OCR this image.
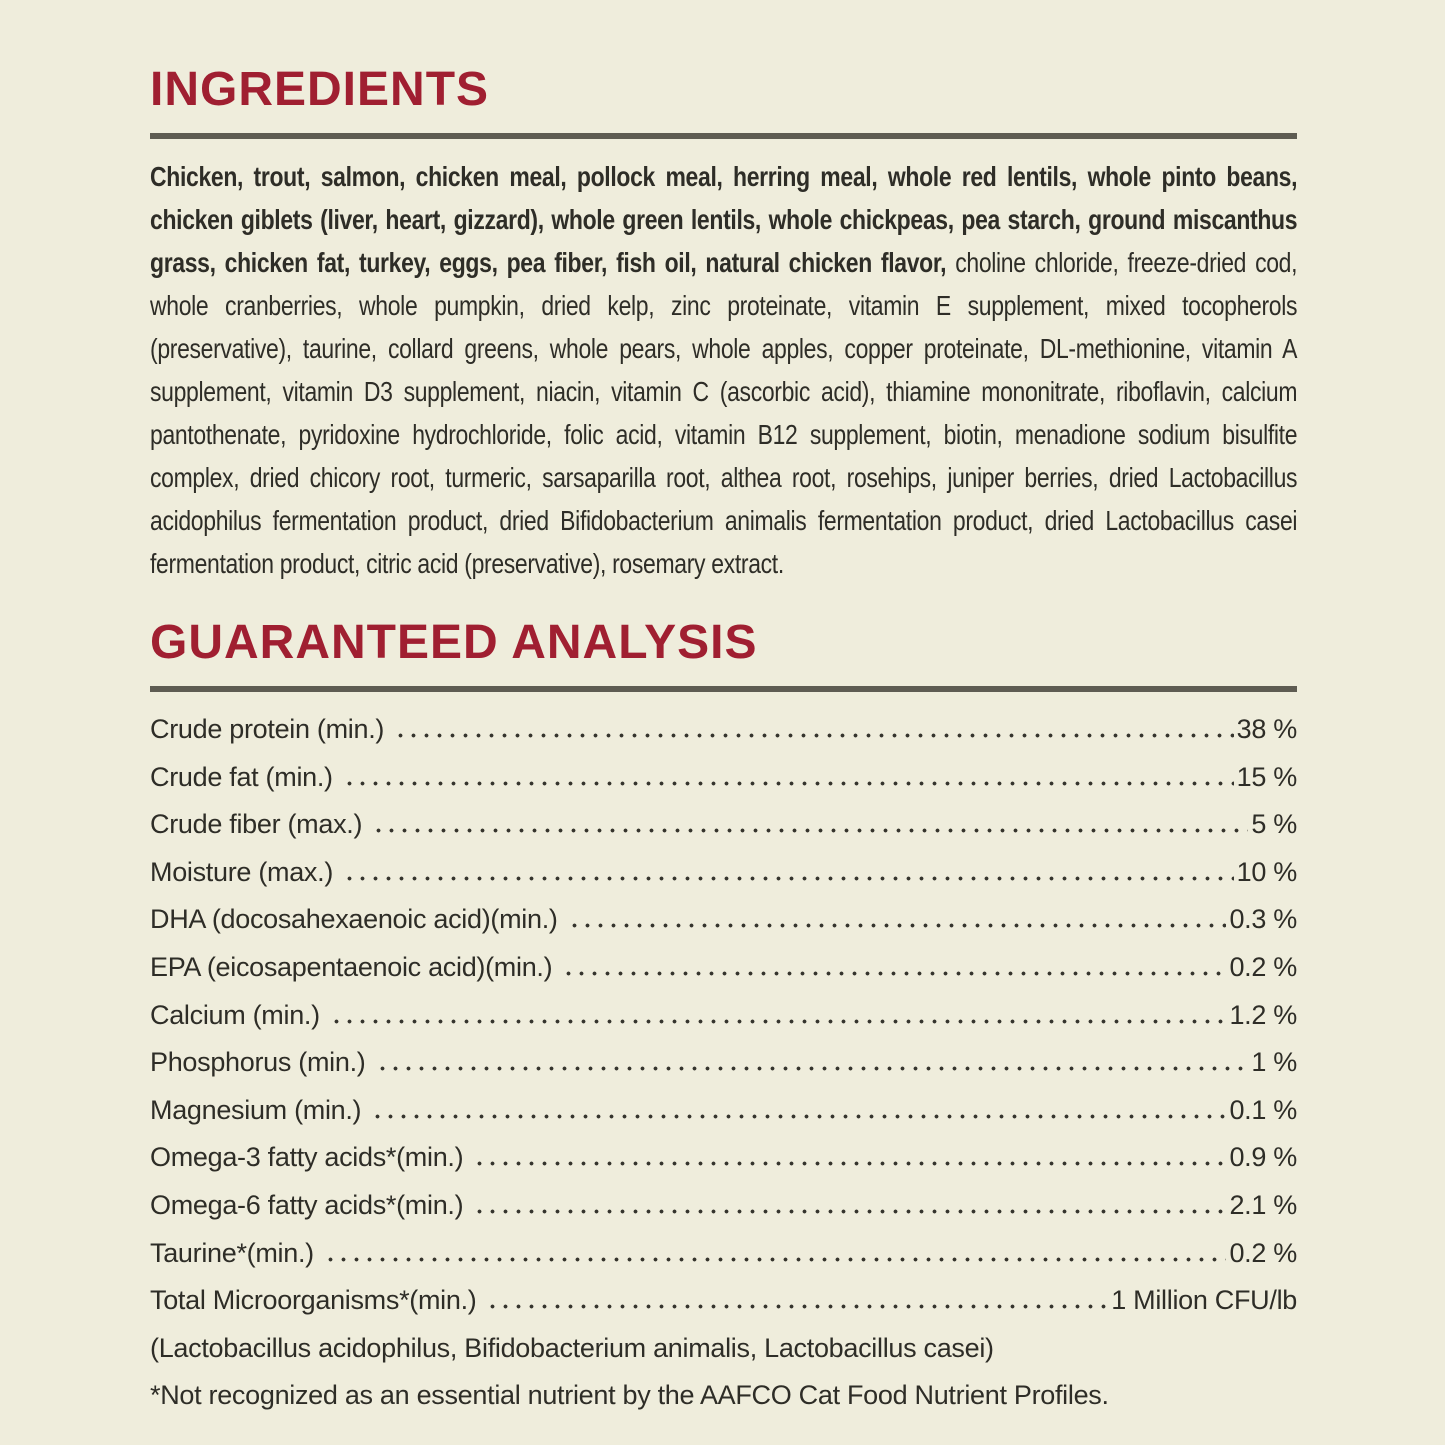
INGREDIENTS

Chicken, trout, salmon, chicken meal, pollock meal, herring meal, whole red lentils, whole pinto beans, chicken giblets (liver, heart, gizzard), whole green lentils, whole chickpeas, pea starch, ground miscanthus grass, chicken fat, turkey, eggs, pea fiber, fish oil, natural chicken flavor, choline chloride, freeze-dried cod, whole cranberries, whole pumpkin, dried kelp, zinc proteinate, vitamin E supplement, mixed tocopherols (preservative), taurine, collard greens, whole pears, whole apples, copper proteinate, DL-methionine, vitamin A supplement, vitamin D3 supplement, niacin, vitamin C (ascorbic acid), thiamine mononitrate, riboflavin, calcium pantothenate, pyridoxine hydrochloride, folic acid, vitamin B12 supplement, biotin, menadione sodium bisulfite complex, dried chicory root, turmeric, sarsaparilla root, althea root, rosehips, juniper berries, dried Lactobacillus acidophilus fermentation product, dried Bifidobacterium animalis fermentation product, dried Lactobacillus casei fermentation product, citric acid (preservative), rosemary extract.

GUARANTEED ANALYSIS
Crude protein (min.)	38 %
Crude fat (min.)	15 %
Crude fiber (max.)	5 %
Moisture (max.)	10 %
DHA (docosahexaenoic acid)(min.)	0.3 %
EPA (eicosapentaenoic acid)(min.)	0.2 %
Calcium (min.)	1.2 %
Phosphorus (min.)	1 %
Magnesium (min.)	0.1 %
Omega-3 fatty acids*(min.)	0.9 %
Omega-6 fatty acids*(min.)	2.1 %
Taurine*(min.)	0.2 %
Total Microorganisms*(min.)	1 Million CFU/lb

(Lactobacillus acidophilus, Bifidobacterium animalis, Lactobacillus casei)

*Not recognized as an essential nutrient by the AAFCO Cat Food Nutrient Profiles.
